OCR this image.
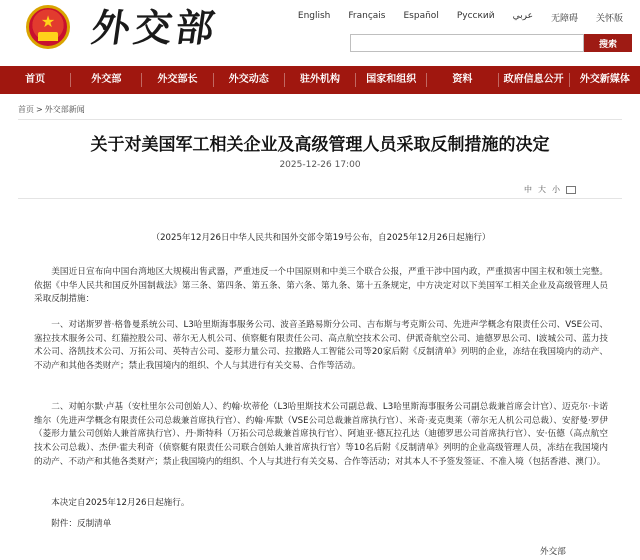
★ 外交部	English	Français	Español	Русский	عربي	无障碍	关怀版
搜索
首页	外交部	外交部长	外交动态	驻外机构	国家和组织	资料	政府信息公开	外交新媒体
首页 > 外交部新闻
关于对美国军工相关企业及高级管理人员采取反制措施的决定
2025-12-26 17:00
中 大 小
（2025年12月26日中华人民共和国外交部令第19号公布，自2025年12月26日起施行）
美国近日宣布向中国台湾地区大规模出售武器，严重违反一个中国原则和中美三个联合公报，严重干涉中国内政，严重损害中国主权和领土完整。依据《中华人民共和国反外国制裁法》第三条、第四条、第五条、第六条、第九条、第十五条规定，中方决定对以下美国军工相关企业及高级管理人员采取反制措施：
一、对诺斯罗普·格鲁曼系统公司、L3哈里斯海事服务公司、波音圣路易斯分公司、吉布斯与考克斯公司、先进声学概念有限责任公司、VSE公司、塞拉技术服务公司、红猫控股公司、蒂尔无人机公司、侦察艇有限责任公司、高点航空技术公司、伊派奇航空公司、迪德罗思公司、I波城公司、蓝力技术公司、洛凯技术公司、万拓公司、英特吉公司、菱形力量公司、拉撒路人工智能公司等20家后附《反制清单》列明的企业，冻结在我国境内的动产、不动产和其他各类财产；禁止我国境内的组织、个人与其进行有关交易、合作等活动。
二、对帕尔默·卢基（安杜里尔公司创始人）、约翰·坎蒂伦（L3哈里斯技术公司副总裁、L3哈里斯海事服务公司副总裁兼首席会计官）、迈克尔·卡诺维尔（先进声学概念有限责任公司总裁兼首席执行官）、约翰·库默（VSE公司总裁兼首席执行官）、米奇·麦克奥莱（蒂尔无人机公司总裁）、安舒曼·罗伊（菱形力量公司创始人兼首席执行官）、丹·斯特科（万拓公司总裁兼首席执行官）、阿迪亚·德瓦拉孔达（迪德罗思公司首席执行官）、安·伍德（高点航空技术公司总裁）、杰伊·霍夫利奇（侦察艇有限责任公司联合创始人兼首席执行官）等10名后附《反制清单》列明的企业高级管理人员，冻结在我国境内的动产、不动产和其他各类财产；禁止我国境内的组织、个人与其进行有关交易、合作等活动；对其本人不予签发签证、不准入境（包括香港、澳门）。
本决定自2025年12月26日起施行。
附件：反制清单
外交部
